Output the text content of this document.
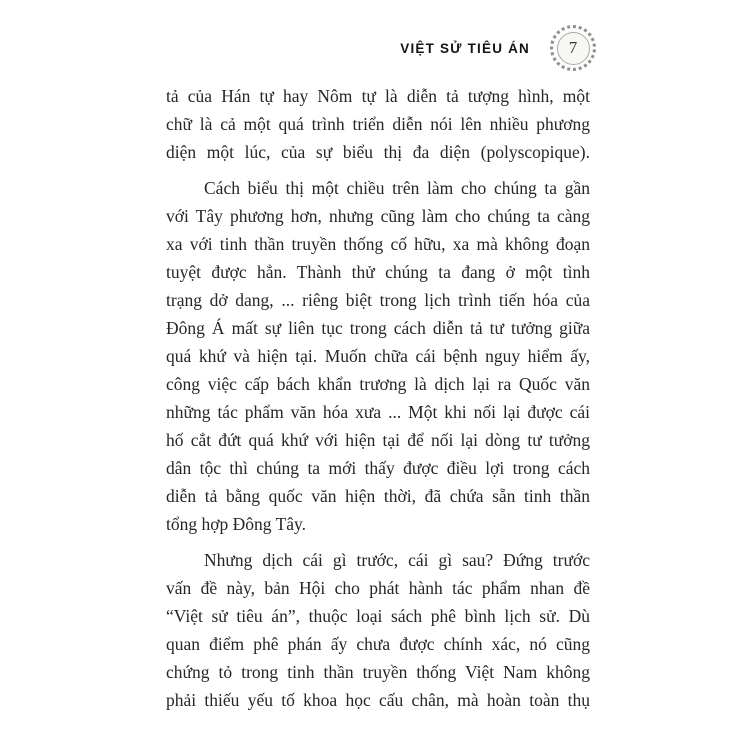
VIỆT SỬ TIÊU ÁN	7
tả của Hán tự hay Nôm tự là diễn tả tượng hình, một
chữ là cả một quá trình triển diễn nói lên nhiều phương
diện một lúc, của sự biểu thị đa diện (polyscopique).
Cách biểu thị một chiều trên làm cho chúng ta gần
với Tây phương hơn, nhưng cũng làm cho chúng ta càng
xa với tinh thần truyền thống cố hữu, xa mà không đoạn
tuyệt được hẳn. Thành thử chúng ta đang ở một tình
trạng dở dang, ... riêng biệt trong lịch trình tiến hóa của
Đông Á mất sự liên tục trong cách diễn tả tư tưởng giữa
quá khứ và hiện tại. Muốn chữa cái bệnh nguy hiểm ấy,
công việc cấp bách khẩn trương là dịch lại ra Quốc văn
những tác phẩm văn hóa xưa ... Một khi nối lại được cái
hố cắt đứt quá khứ với hiện tại để nối lại dòng tư tưởng
dân tộc thì chúng ta mới thấy được điều lợi trong cách
diễn tả bằng quốc văn hiện thời, đã chứa sẵn tinh thần
tổng hợp Đông Tây.
Nhưng dịch cái gì trước, cái gì sau? Đứng trước
vấn đề này, bản Hội cho phát hành tác phẩm nhan đề
“Việt sử tiêu án”, thuộc loại sách phê bình lịch sử. Dù
quan điểm phê phán ấy chưa được chính xác, nó cũng
chứng tỏ trong tinh thần truyền thống Việt Nam không
phải thiếu yếu tố khoa học cấu chân, mà hoàn toàn thụ
